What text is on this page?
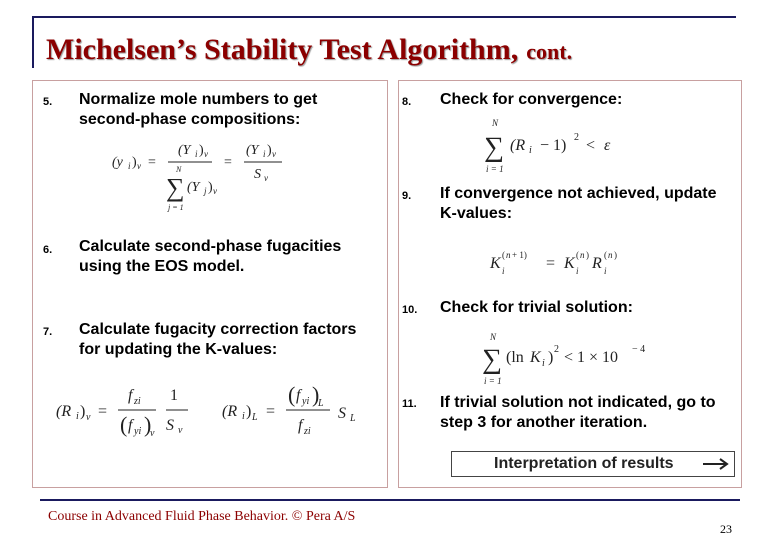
Michelsen’s Stability Test Algorithm, cont.
5. Normalize mole numbers to get second-phase compositions:
(y i ) v =
(Y i ) v
N
∑ (Y j ) v
j = 1
=
(Y i ) v
S v
6. Calculate second-phase fugacities using the EOS model.
7. Calculate fugacity correction factors for updating the K-values:
(R i ) v =
f zi
( f yi )
v
1
S v
(R i ) L =
( f yi )
L
f zi
S L
8. Check for convergence:
N
∑
i = 1
(R i − 1) 2 < ε
9. If convergence not achieved, update K-values:
K ( n + 1)
i	= K ( n )
i R ( n )
i
10. Check for trivial solution:
N
∑
i = 1
(ln K i ) 2 < 1 × 10 − 4
11. If trivial solution not indicated, go to step 3 for another iteration.
Interpretation of results
Course in Advanced Fluid Phase Behavior. © Pera A/S
23
